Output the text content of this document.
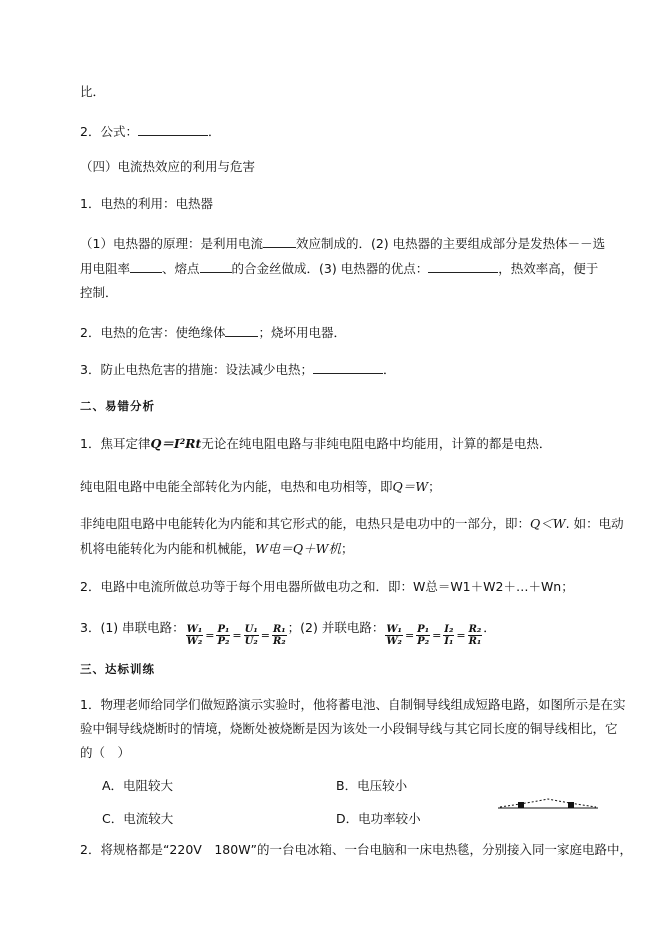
比．
2．公式：	．
（四）电流热效应的利用与危害
1．电热的利用：电热器
（1）电热器的原理：是利用电流	效应制成的．(2) 电热器的主要组成部分是发热体－－选
用电阻率	、熔点	的合金丝做成．(3) 电热器的优点：	，热效率高，便于
控制．
2．电热的危害：使绝缘体	；烧坏用电器．
3．防止电热危害的措施：设法减少电热；	．
二、易错分析
1．焦耳定律Q＝I²Rt无论在纯电阻电路与非纯电阻电路中均能用，计算的都是电热．
纯电阻电路中电能全部转化为内能，电热和电功相等，即Q＝W；
非纯电阻电路中电能转化为内能和其它形式的能，电热只是电功中的一部分，即：Q＜W. 如：电动
机将电能转化为内能和机械能，W电＝Q＋W机；
2．电路中电流所做总功等于每个用电器所做电功之和．即：W总＝W1＋W2＋…＋Wn；
3．(1) 串联电路： $\frac{\text{W₁}}{\text{W₂}} = \frac{\text{P₁}}{\text{P₂}} = \frac{\text{U₁}}{\text{U₂}} = \frac{\text{R₁}}{\text{R₂}}$ ；(2) 并联电路： $\frac{\text{W₁}}{\text{W₂}} = \frac{\text{P₁}}{\text{P₂}} = \frac{\text{I₂}}{\text{I₁}} = \frac{\text{R₂}}{\text{R₁}}$ ．
三、达标训练
1．物理老师给同学们做短路演示实验时，他将蓄电池、自制铜导线组成短路电路，如图所示是在实
验中铜导线烧断时的情境，烧断处被烧断是因为该处一小段铜导线与其它同长度的铜导线相比，它
的（　）
A．电阻较大	B．电压较小
C．电流较大	D．电功率较小
2．将规格都是“220V　180W”的一台电冰箱、一台电脑和一床电热毯，分别接入同一家庭电路中，
